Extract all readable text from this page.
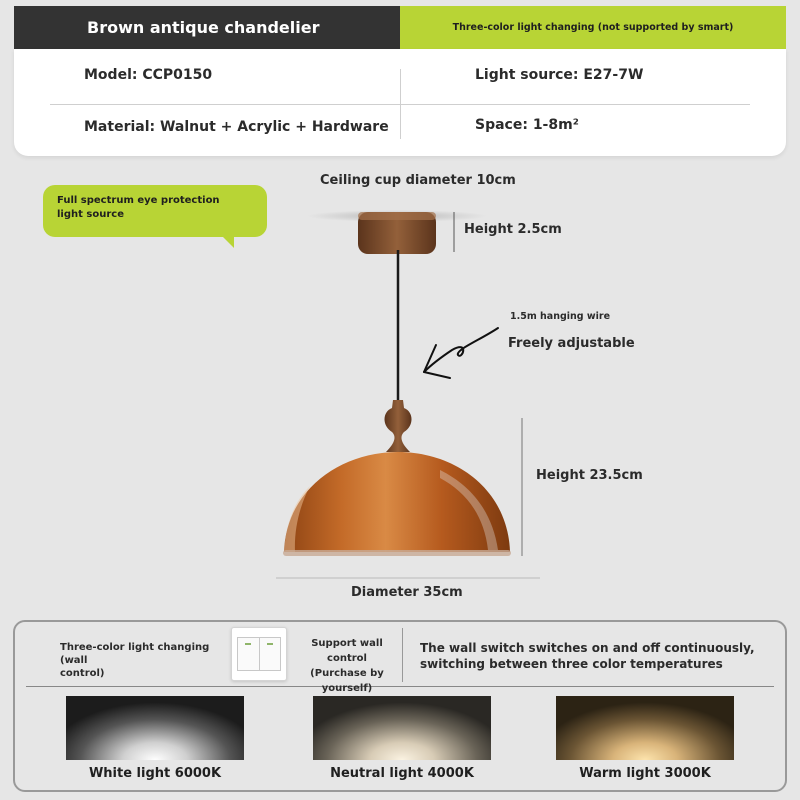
Brown antique chandelier	Three-color light changing (not supported by smart)
Model: CCP0150	Light source: E27-7W
Material: Walnut + Acrylic + Hardware	Space: 1-8m²
Full spectrum eye protection
light source
Ceiling cup diameter 10cm
Height 2.5cm
1.5m hanging wire
Freely adjustable
Height 23.5cm
Diameter 35cm
Three-color light changing (wall
control)
Support wall control
(Purchase by
yourself)
The wall switch switches on and off continuously,
switching between three color temperatures
White light 6000K	Neutral light 4000K	Warm light 3000K
